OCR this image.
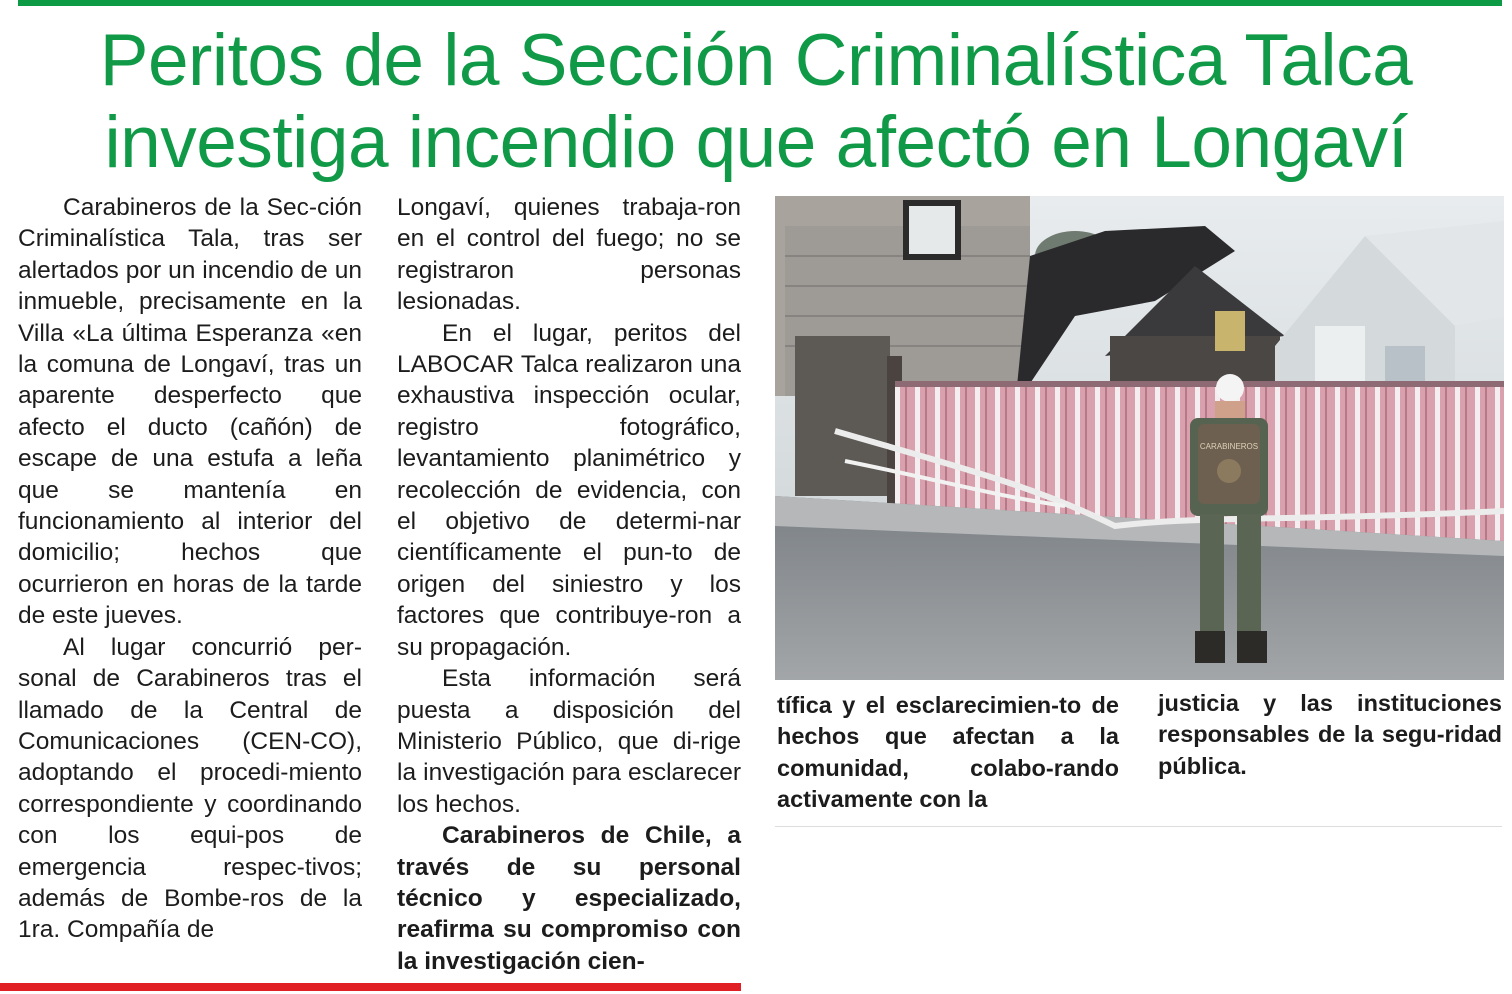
Peritos de la Sección Criminalística Talca
investiga incendio que afectó en Longaví

Carabineros de la Sec-ción Criminalística Tala, tras ser alertados por un incendio de un inmueble, precisamente en la Villa «La última Esperanza «en la comuna de Longaví, tras un aparente desperfecto que afecto el ducto (cañón) de escape de una estufa a leña que se mantenía en funcionamiento al interior del domicilio; hechos que ocurrieron en horas de la tarde de este jueves.

Al lugar concurrió per-sonal de Carabineros tras el llamado de la Central de Comunicaciones (CEN-CO), adoptando el procedi-miento correspondiente y coordinando con los equi-pos de emergencia respec-tivos; además de Bombe-ros de la 1ra. Compañía de

Longaví, quienes trabaja-ron en el control del fuego; no se registraron personas lesionadas.

En el lugar, peritos del LABOCAR Talca realizaron una exhaustiva inspección ocular, registro fotográfico, levantamiento planimétrico y recolección de evidencia, con el objetivo de determi-nar científicamente el pun-to de origen del siniestro y los factores que contribuye-ron a su propagación.

Esta información será puesta a disposición del Ministerio Público, que di-rige la investigación para esclarecer los hechos.

Carabineros de Chile, a través de su personal técnico y especializado, reafirma su compromiso con la investigación cien-

CARABINEROS

tífica y el esclarecimien-to de hechos que afectan a la comunidad, colabo-rando activamente con la

justicia y las instituciones responsables de la segu-ridad pública.
